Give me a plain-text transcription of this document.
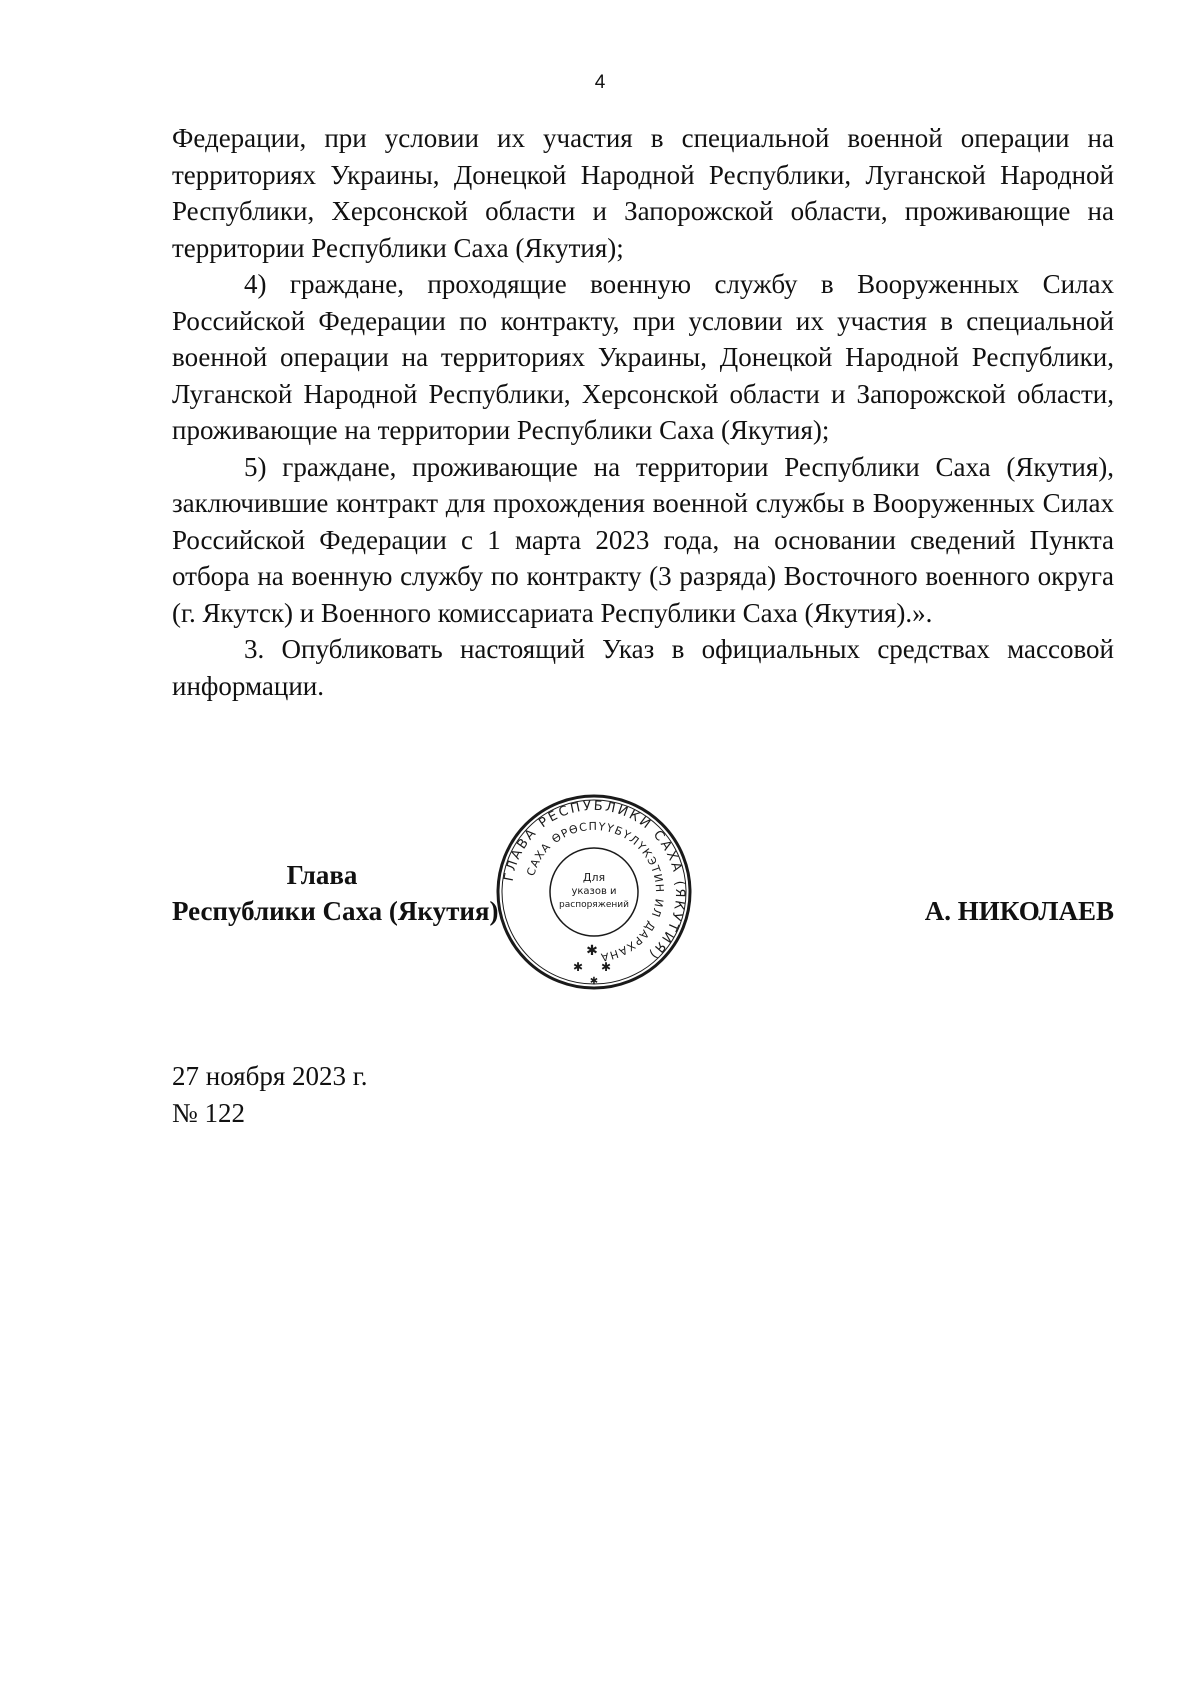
4

Федерации, при условии их участия в специальной военной операции на территориях Украины, Донецкой Народной Республики, Луганской Народной Республики, Херсонской области и Запорожской области, проживающие на территории Республики Саха (Якутия);

4) граждане, проходящие военную службу в Вооруженных Силах Российской Федерации по контракту, при условии их участия в специальной военной операции на территориях Украины, Донецкой Народной Республики, Луганской Народной Республики, Херсонской области и Запорожской области, проживающие на территории Республики Саха (Якутия);

5) граждане, проживающие на территории Республики Саха (Якутия), заключившие контракт для прохождения военной службы в Вооруженных Силах Российской Федерации с 1 марта 2023 года, на основании сведений Пункта отбора на военную службу по контракту (3 разряда) Восточного военного округа (г. Якутск) и Военного комиссариата Республики Саха (Якутия).».

3. Опубликовать настоящий Указ в официальных средствах массовой информации.

Глава
Республики Саха (Якутия)
ГЛАВА РЕСПУБЛИКИ САХА (ЯКУТИЯ)
САХА ӨРӨСПҮҮБҮЛҮКЭТИН ИЛ ДАРХАНА
Для
указов и
распоряжений
✱
✱ ✱
✱
А. НИКОЛАЕВ
27 ноября 2023 г.
№ 122
